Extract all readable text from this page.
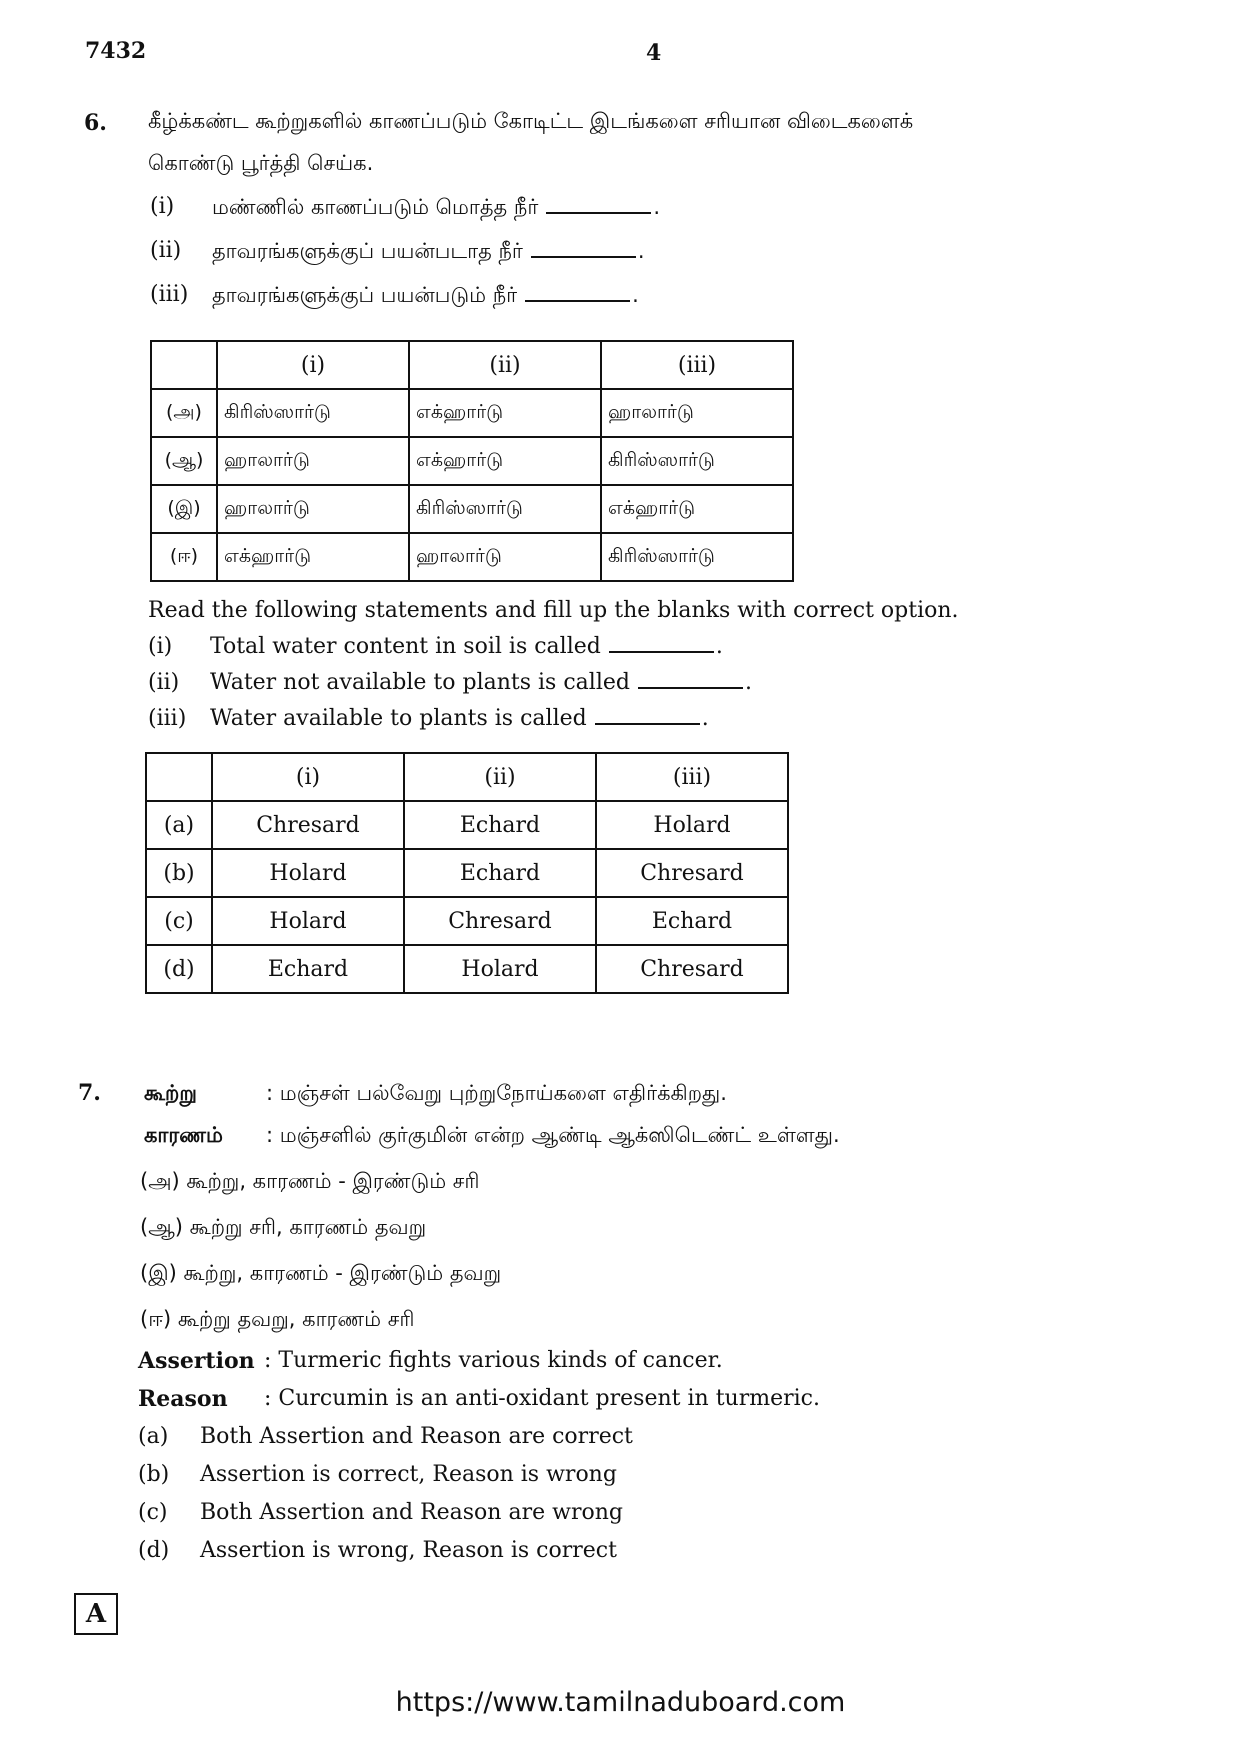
7432	4
6. கீழ்க்கண்ட கூற்றுகளில் காணப்படும் கோடிட்ட இடங்களை சரியான விடைகளைக்
கொண்டு பூர்த்தி செய்க.
(i) மண்ணில் காணப்படும் மொத்த நீர்	.
(ii) தாவரங்களுக்குப் பயன்படாத நீர்	.
(iii) தாவரங்களுக்குப் பயன்படும் நீர்	.
	(i)	(ii)	(iii)
(அ)	கிரிஸ்ஸார்டு	எக்ஹார்டு	ஹாலார்டு
(ஆ)	ஹாலார்டு	எக்ஹார்டு	கிரிஸ்ஸார்டு
(இ)	ஹாலார்டு	கிரிஸ்ஸார்டு	எக்ஹார்டு
(ஈ)	எக்ஹார்டு	ஹாலார்டு	கிரிஸ்ஸார்டு
Read the following statements and fill up the blanks with correct option.
(i) Total water content in soil is called	.
(ii) Water not available to plants is called	.
(iii) Water available to plants is called	.
	(i)	(ii)	(iii)
(a)	Chresard	Echard	Holard
(b)	Holard	Echard	Chresard
(c)	Holard	Chresard	Echard
(d)	Echard	Holard	Chresard
7. கூற்று	: மஞ்சள் பல்வேறு புற்றுநோய்களை எதிர்க்கிறது.
காரணம் : மஞ்சளில் குர்குமின் என்ற ஆண்டி ஆக்ஸிடெண்ட் உள்ளது.
(அ) கூற்று, காரணம் - இரண்டும் சரி
(ஆ) கூற்று சரி, காரணம் தவறு
(இ) கூற்று, காரணம் - இரண்டும் தவறு
(ஈ) கூற்று தவறு, காரணம் சரி
Assertion : Turmeric fights various kinds of cancer.
Reason : Curcumin is an anti-oxidant present in turmeric.
(a) Both Assertion and Reason are correct
(b) Assertion is correct, Reason is wrong
(c) Both Assertion and Reason are wrong
(d) Assertion is wrong, Reason is correct
A
https://www.tamilnaduboard.com
